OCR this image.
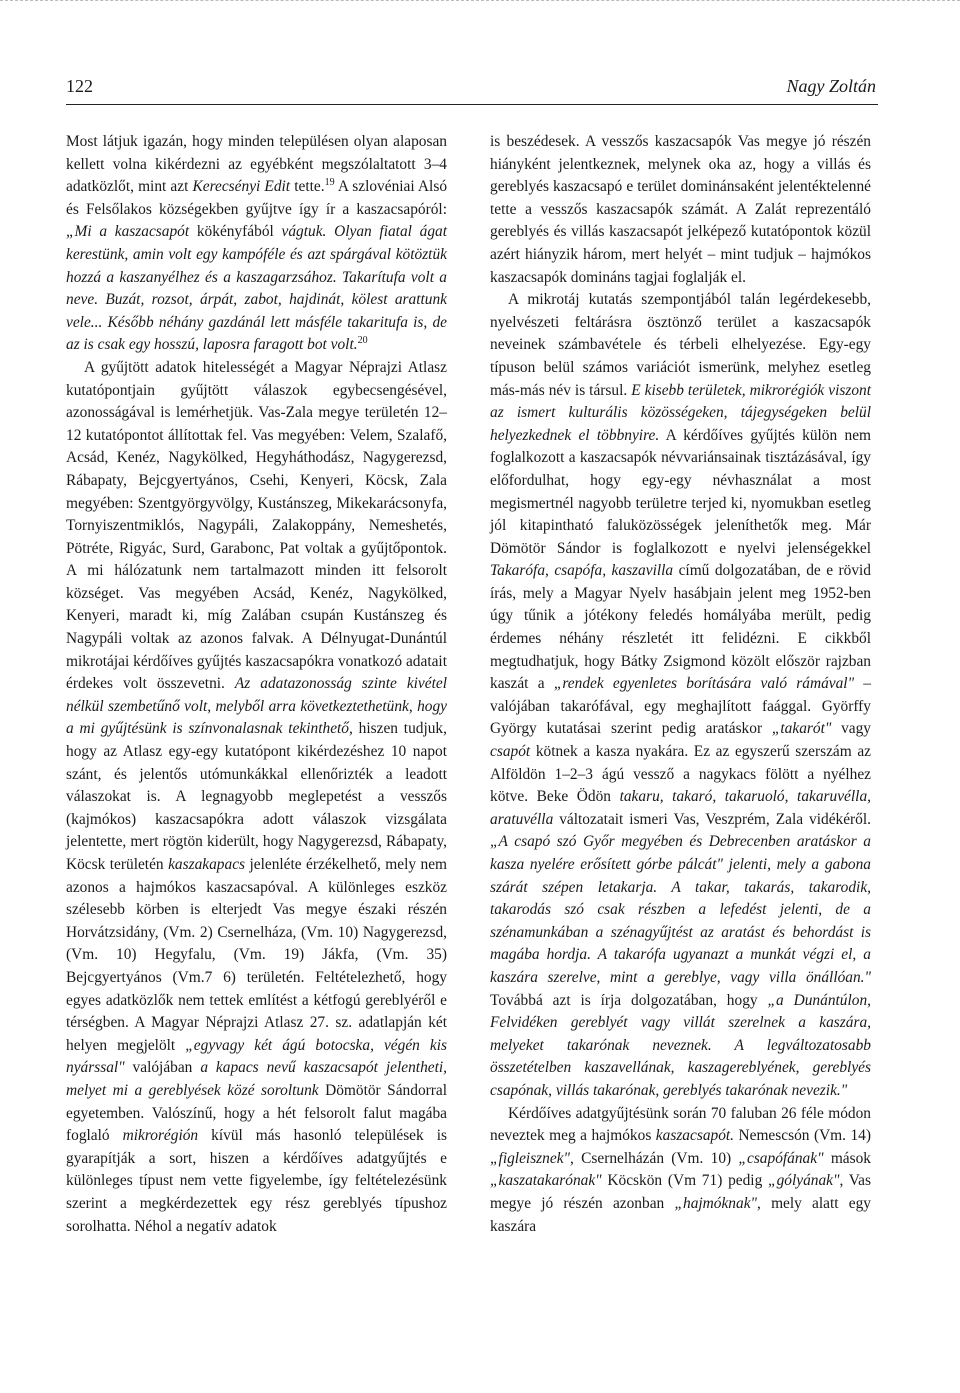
122	Nagy Zoltán

Most látjuk igazán, hogy minden településen olyan alaposan kellett volna kikérdezni az egyébként megszólaltatott 3–4 adatközlőt, mint azt Kerecsényi Edit tette.$^{19}$ A szlovéniai Alsó és Felsőlakos községekben gyűjtve így ír a kaszacsapóról: „Mi a kaszacsapót kökényfából vágtuk. Olyan fiatal ágat kerestünk, amin volt egy kampóféle és azt spárgával kötöztük hozzá a kaszanyélhez és a kaszagarzsához. Takarítufa volt a neve. Buzát, rozsot, árpát, zabot, hajdinát, kölest arattunk vele... Később néhány gazdánál lett másféle takaritufa is, de az is csak egy hosszú, laposra faragott bot volt.$^{20}$

A gyűjtött adatok hitelességét a Magyar Néprajzi Atlasz kutatópontjain gyűjtött válaszok egybecsengésével, azonosságával is lemérhetjük. Vas-Zala megye területén 12–12 kutatópontot állítottak fel. Vas megyében: Velem, Szalafő, Acsád, Kenéz, Nagykölked, Hegyháthodász, Nagygerezsd, Rábapaty, Bejcgyertyános, Csehi, Kenyeri, Köcsk, Zala megyében: Szentgyörgyvölgy, Kustánszeg, Mikekarácsonyfa, Tornyiszentmiklós, Nagypáli, Zalakoppány, Nemeshetés, Pötréte, Rigyác, Surd, Garabonc, Pat voltak a gyűjtőpontok. A mi hálózatunk nem tartalmazott minden itt felsorolt községet. Vas megyében Acsád, Kenéz, Nagykölked, Kenyeri, maradt ki, míg Zalában csupán Kustánszeg és Nagypáli voltak az azonos falvak. A Délnyugat-Dunántúl mikrotájai kérdőíves gyűjtés kaszacsapókra vonatkozó adatait érdekes volt összevetni. Az adatazonosság szinte kivétel nélkül szembetűnő volt, melyből arra következtethetünk, hogy a mi gyűjtésünk is színvonalasnak tekinthető, hiszen tudjuk, hogy az Atlasz egy-egy kutatópont kikérdezéshez 10 napot szánt, és jelentős utómunkákkal ellenőrizték a leadott válaszokat is. A legnagyobb meglepetést a vesszős (kajmókos) kaszacsapókra adott válaszok vizsgálata jelentette, mert rögtön kiderült, hogy Nagygerezsd, Rábapaty, Köcsk területén kaszakapacs jelenléte érzékelhető, mely nem azonos a hajmókos kaszacsapóval. A különleges eszköz szélesebb körben is elterjedt Vas megye északi részén Horvátzsidány, (Vm. 2) Csernelháza, (Vm. 10) Nagygerezsd, (Vm. 10) Hegyfalu, (Vm. 19) Jákfa, (Vm. 35) Bejcgyertyános (Vm.7 6) területén. Feltételezhető, hogy egyes adatközlők nem tettek említést a kétfogú gereblyéről e térségben. A Magyar Néprajzi Atlasz 27. sz. adatlapján két helyen megjelölt „egyvagy két ágú botocska, végén kis nyárssal" valójában a kapacs nevű kaszacsapót jelentheti, melyet mi a gereblyések közé soroltunk Dömötör Sándorral egyetemben. Valószínű, hogy a hét felsorolt falut magába foglaló mikrorégión kívül más hasonló települések is gyarapítják a sort, hiszen a kérdőíves adatgyűjtés e különleges típust nem vette figyelembe, így feltételezésünk szerint a megkérdezettek egy rész gereblyés típushoz sorolhatta. Néhol a negatív adatok

is beszédesek. A vesszős kaszacsapók Vas megye jó részén hiányként jelentkeznek, melynek oka az, hogy a villás és gereblyés kaszacsapó e terület dominánsaként jelentéktelenné tette a vesszős kaszacsapók számát. A Zalát reprezentáló gereblyés és villás kaszacsapót jelképező kutatópontok közül azért hiányzik három, mert helyét – mint tudjuk – hajmókos kaszacsapók domináns tagjai foglalják el.

A mikrotáj kutatás szempontjából talán legérdekesebb, nyelvészeti feltárásra ösztönző terület a kaszacsapók neveinek számbavétele és térbeli elhelyezése. Egy-egy típuson belül számos variációt ismerünk, melyhez esetleg más-más név is társul. E kisebb területek, mikrorégiók viszont az ismert kulturális közösségeken, tájegységeken belül helyezkednek el többnyire. A kérdőíves gyűjtés külön nem foglalkozott a kaszacsapók névvariánsainak tisztázásával, így előfordulhat, hogy egy-egy névhasználat a most megismertnél nagyobb területre terjed ki, nyomukban esetleg jól kitapintható faluközösségek jeleníthetők meg. Már Dömötör Sándor is foglalkozott e nyelvi jelenségekkel Takarófa, csapófa, kaszavilla című dolgozatában, de e rövid írás, mely a Magyar Nyelv hasábjain jelent meg 1952-ben úgy tűnik a jótékony feledés homályába merült, pedig érdemes néhány részletét itt felidézni. E cikkből megtudhatjuk, hogy Bátky Zsigmond közölt először rajzban kaszát a „rendek egyenletes borítására való rámával" – valójában takarófával, egy meghajlított faággal. Györffy György kutatásai szerint pedig aratáskor „takarót" vagy csapót kötnek a kasza nyakára. Ez az egyszerű szerszám az Alföldön 1–2–3 ágú vessző a nagykacs fölött a nyélhez kötve. Beke Ödön takaru, takaró, takaruoló, takaruvélla, aratuvélla változatait ismeri Vas, Veszprém, Zala vidékéről. „A csapó szó Győr megyében és Debrecenben aratáskor a kasza nyelére erősített górbe pálcát" jelenti, mely a gabona szárát szépen letakarja. A takar, takarás, takarodik, takarodás szó csak részben a lefedést jelenti, de a szénamunkában a szénagyűjtést az aratást és behordást is magába hordja. A takarófa ugyanazt a munkát végzi el, a kaszára szerelve, mint a gereblye, vagy villa önállóan." Továbbá azt is írja dolgozatában, hogy „a Dunántúlon, Felvidéken gereblyét vagy villát szerelnek a kaszára, melyeket takarónak neveznek. A legváltozatosabb összetételben kaszavellának, kaszagereblyének, gereblyés csapónak, villás takarónak, gereblyés takarónak nevezik."

Kérdőíves adatgyűjtésünk során 70 faluban 26 féle módon neveztek meg a hajmókos kaszacsapót. Nemescsón (Vm. 14) „figleisznek", Csernelházán (Vm. 10) „csapófának" mások „kaszatakarónak" Köcskön (Vm 71) pedig „gólyának", Vas megye jó részén azonban „hajmóknak", mely alatt egy kaszára
